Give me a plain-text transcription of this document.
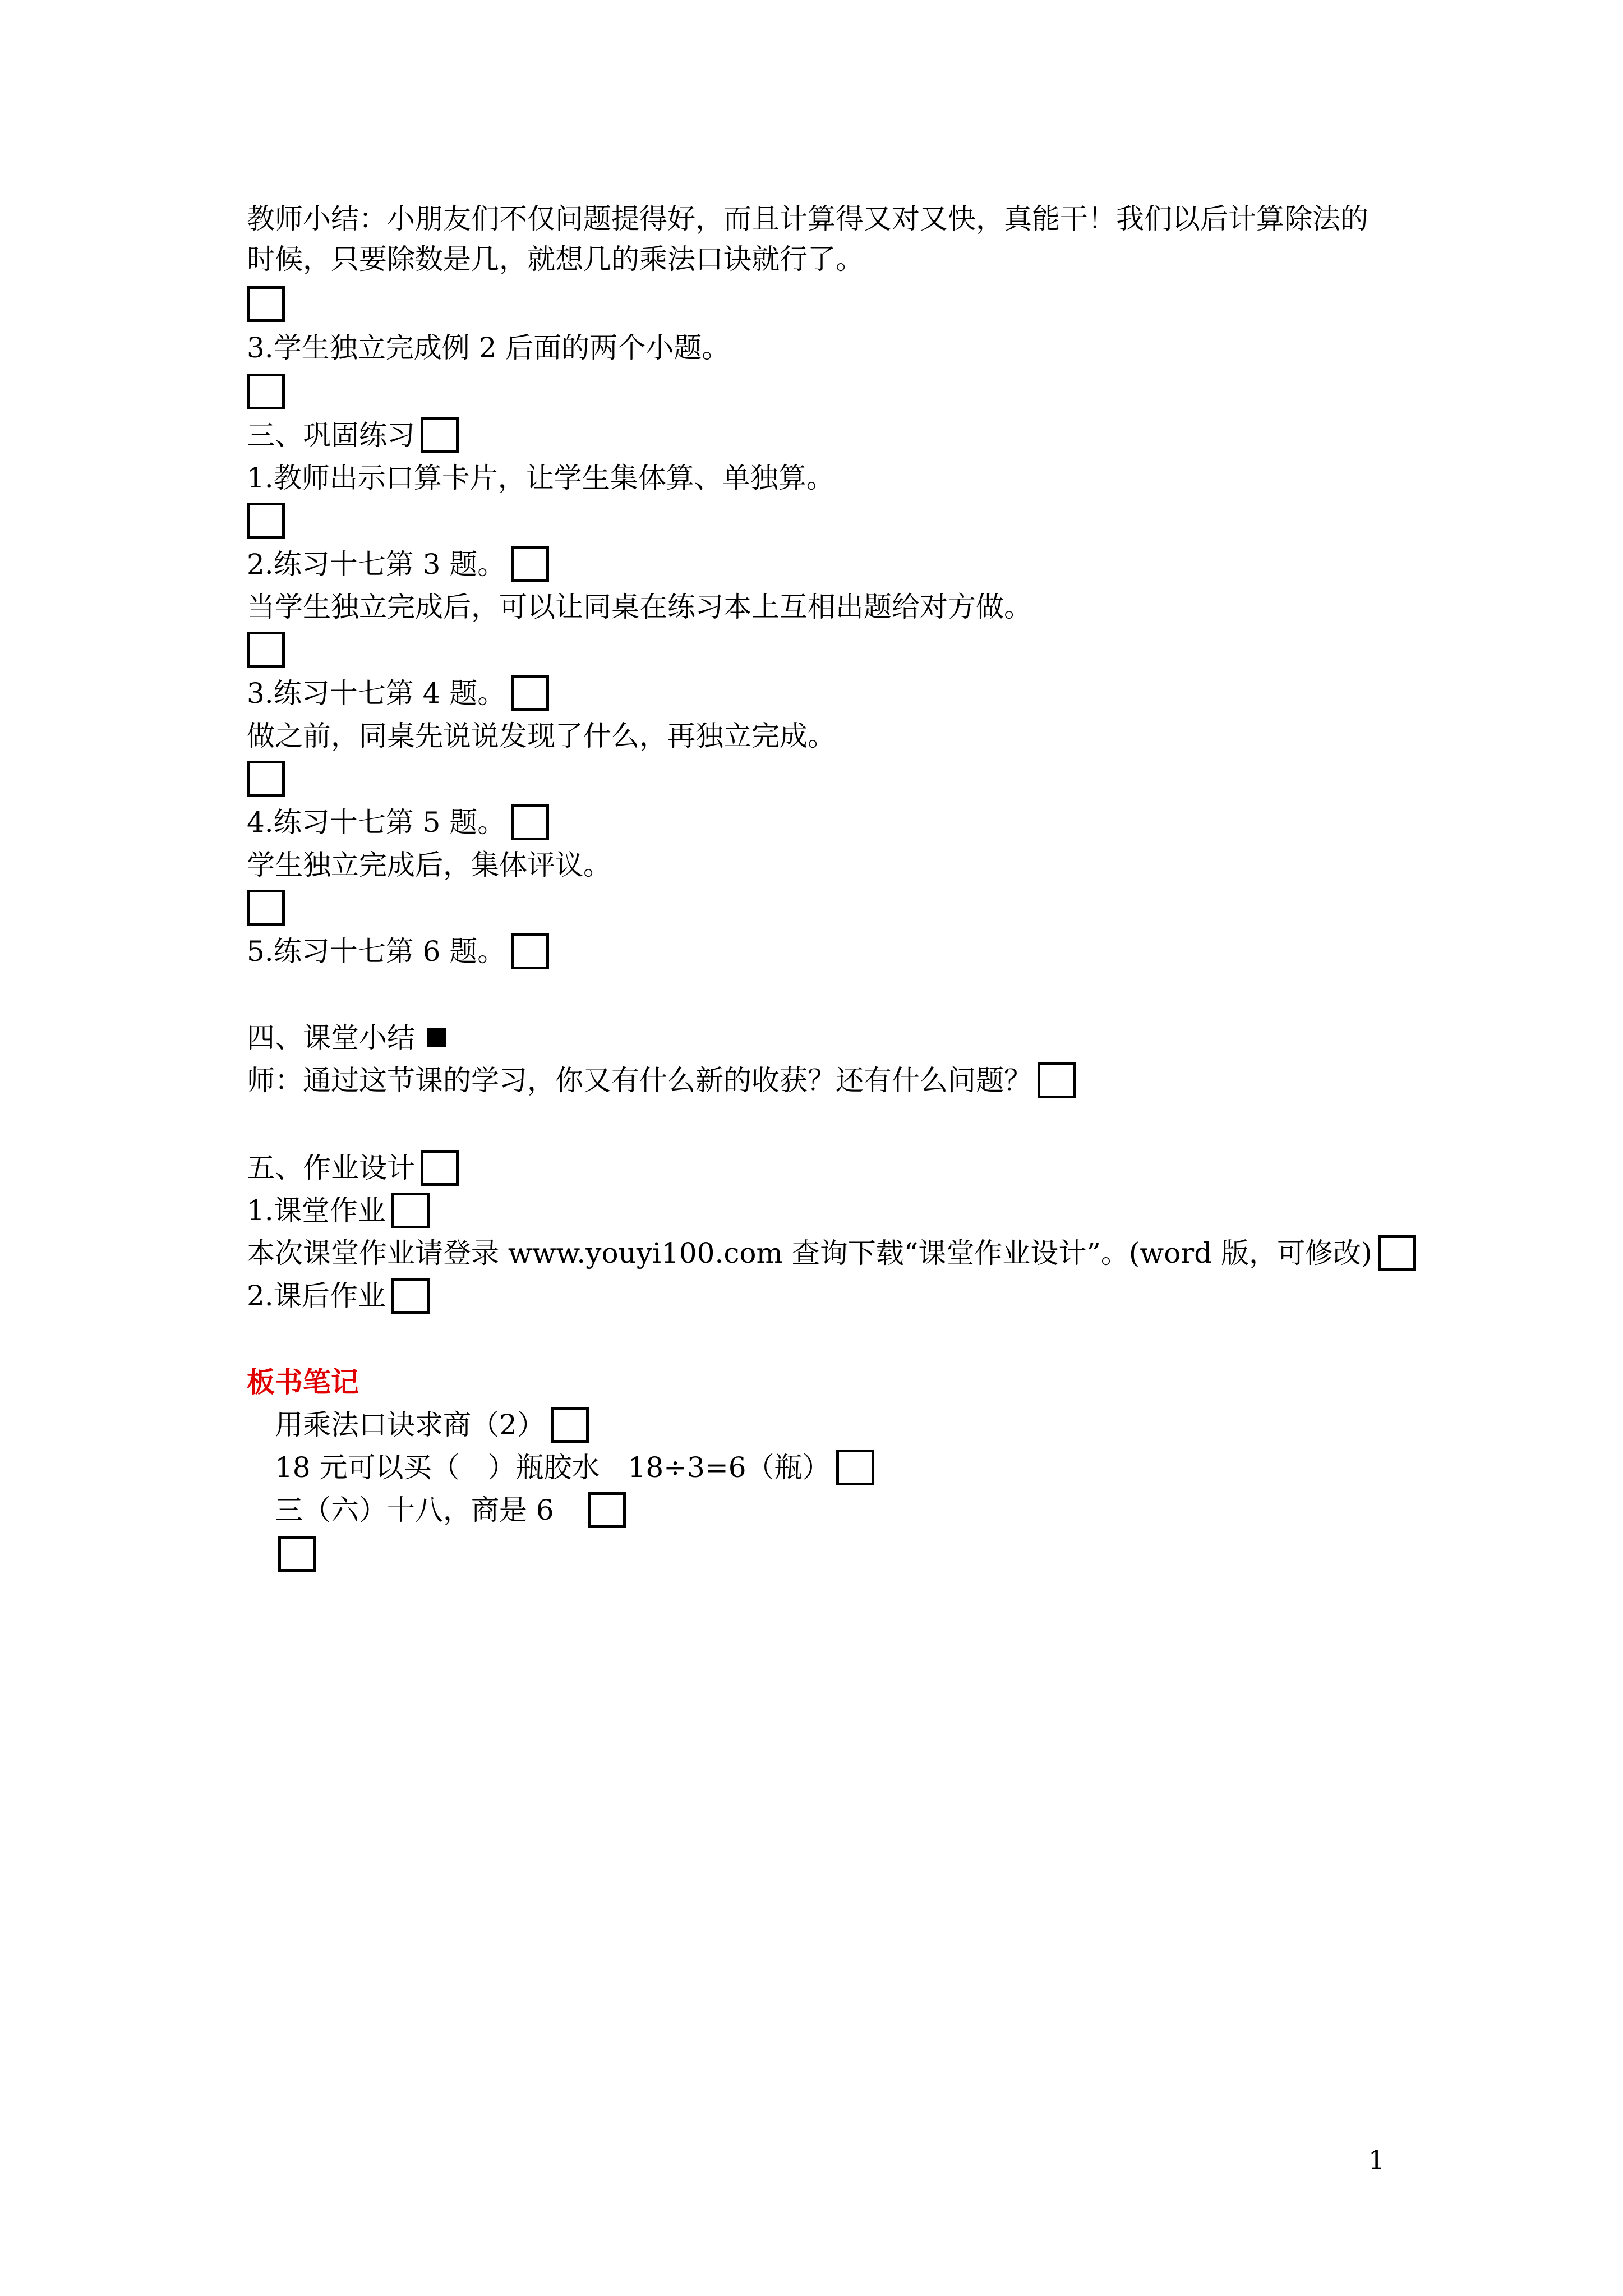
教师小结：小朋友们不仅问题提得好，而且计算得又对又快，真能干！我们以后计算除法的
时候，只要除数是几，就想几的乘法口诀就行了。
3.学生独立完成例 2 后面的两个小题。
三、巩固练习
1.教师出示口算卡片，让学生集体算、单独算。
2.练习十七第 3 题。
当学生独立完成后，可以让同桌在练习本上互相出题给对方做。
3.练习十七第 4 题。
做之前，同桌先说说发现了什么，再独立完成。
4.练习十七第 5 题。
学生独立完成后，集体评议。
5.练习十七第 6 题。
四、课堂小结
师：通过这节课的学习，你又有什么新的收获？还有什么问题？
五、作业设计
1.课堂作业
本次课堂作业请登录 www.youyi100.com 查询下载“课堂作业设计”。(word 版，可修改)
2.课后作业
板书笔记
用乘法口诀求商（2）
18 元可以买（　）瓶胶水　18÷3=6（瓶）
三（六）十八，商是 6
1
